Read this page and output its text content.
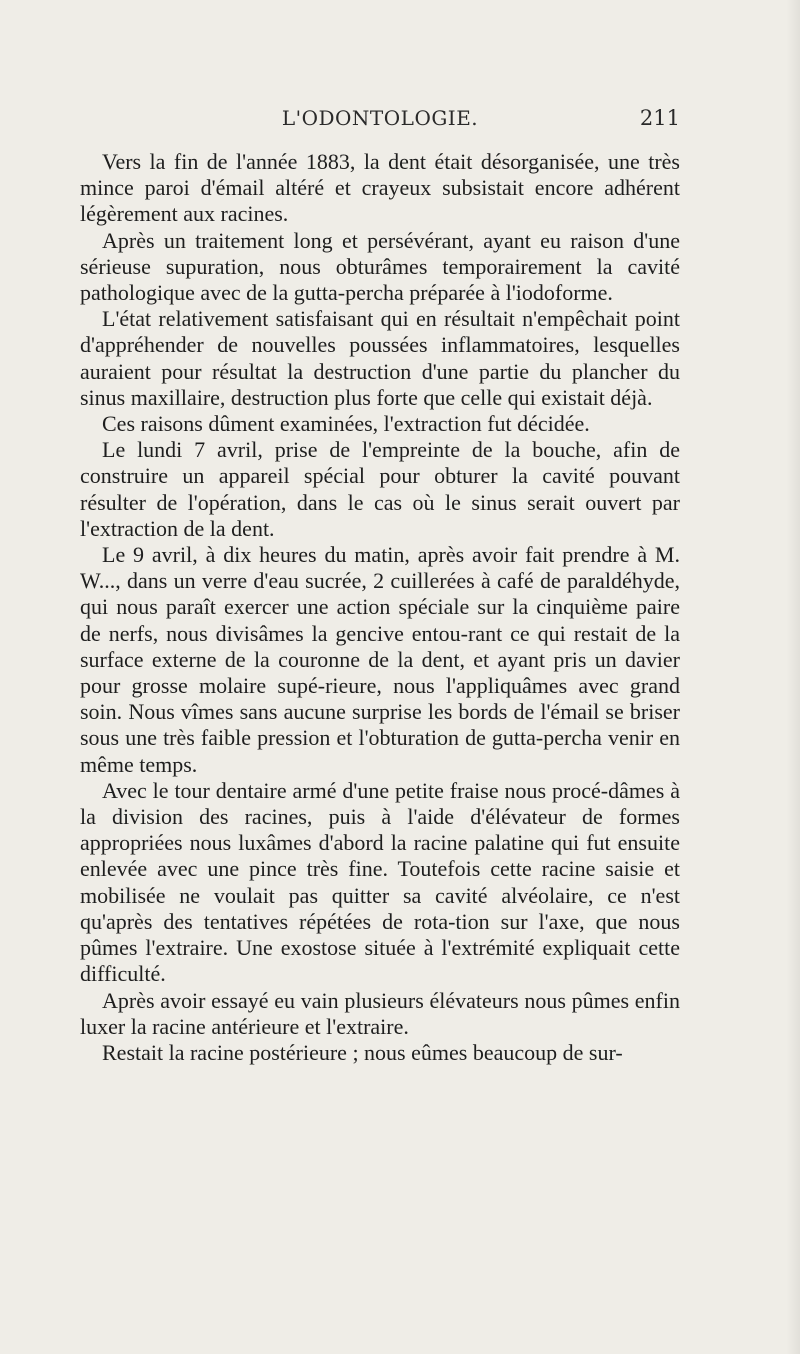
L'ODONTOLOGIE.	211

Vers la fin de l'année 1883, la dent était désorganisée, une très mince paroi d'émail altéré et crayeux subsistait encore adhérent légèrement aux racines.

Après un traitement long et persévérant, ayant eu raison d'une sérieuse supuration, nous obturâmes temporairement la cavité pathologique avec de la gutta-percha préparée à l'iodoforme.

L'état relativement satisfaisant qui en résultait n'empêchait point d'appréhender de nouvelles poussées inflammatoires, lesquelles auraient pour résultat la destruction d'une partie du plancher du sinus maxillaire, destruction plus forte que celle qui existait déjà.

Ces raisons dûment examinées, l'extraction fut décidée.

Le lundi 7 avril, prise de l'empreinte de la bouche, afin de construire un appareil spécial pour obturer la cavité pouvant résulter de l'opération, dans le cas où le sinus serait ouvert par l'extraction de la dent.

Le 9 avril, à dix heures du matin, après avoir fait prendre à M. W..., dans un verre d'eau sucrée, 2 cuillerées à café de paraldéhyde, qui nous paraît exercer une action spéciale sur la cinquième paire de nerfs, nous divisâmes la gencive entou-rant ce qui restait de la surface externe de la couronne de la dent, et ayant pris un davier pour grosse molaire supé-rieure, nous l'appliquâmes avec grand soin. Nous vîmes sans aucune surprise les bords de l'émail se briser sous une très faible pression et l'obturation de gutta-percha venir en même temps.

Avec le tour dentaire armé d'une petite fraise nous procé-dâmes à la division des racines, puis à l'aide d'élévateur de formes appropriées nous luxâmes d'abord la racine palatine qui fut ensuite enlevée avec une pince très fine. Toutefois cette racine saisie et mobilisée ne voulait pas quitter sa cavité alvéolaire, ce n'est qu'après des tentatives répétées de rota-tion sur l'axe, que nous pûmes l'extraire. Une exostose située à l'extrémité expliquait cette difficulté.

Après avoir essayé eu vain plusieurs élévateurs nous pûmes enfin luxer la racine antérieure et l'extraire.

Restait la racine postérieure ; nous eûmes beaucoup de sur-
